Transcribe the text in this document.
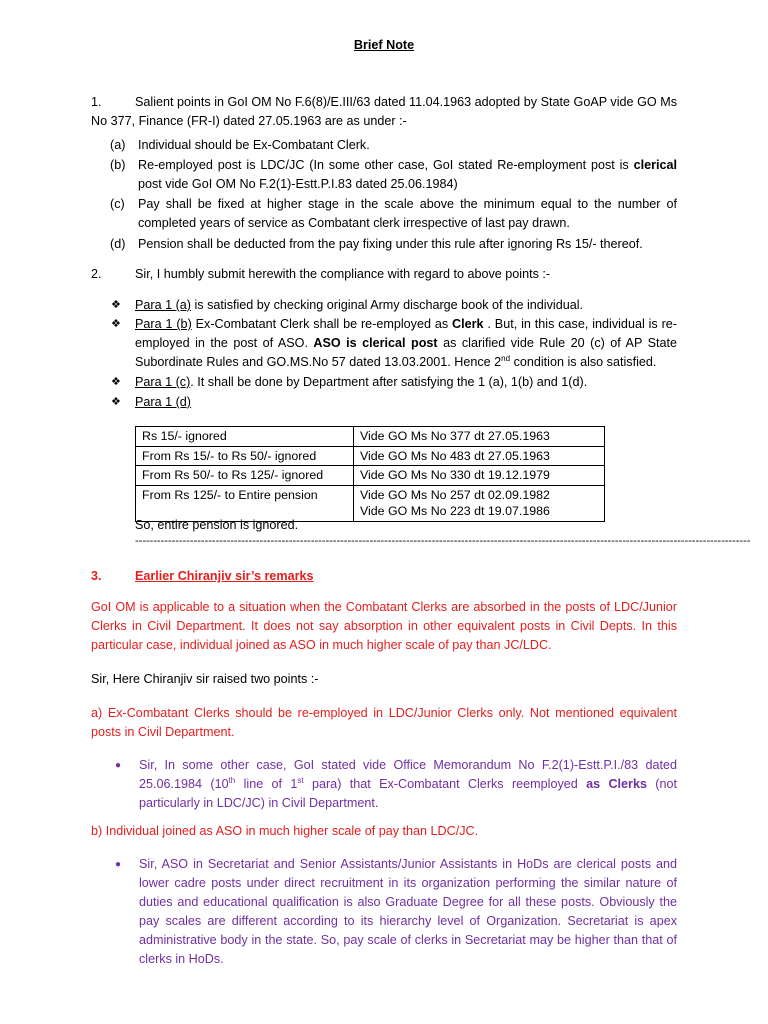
Brief Note
1.	Salient points in GoI OM No F.6(8)/E.III/63 dated 11.04.1963 adopted by State GoAP vide GO Ms No 377, Finance (FR-I) dated 27.05.1963 are as under :-
(a) Individual should be Ex-Combatant Clerk.
(b) Re-employed post is LDC/JC (In some other case, GoI stated Re-employment post is clerical post vide GoI OM No F.2(1)-Estt.P.I.83 dated 25.06.1984)
(c) Pay shall be fixed at higher stage in the scale above the minimum equal to the number of completed years of service as Combatant clerk irrespective of last pay drawn.
(d) Pension shall be deducted from the pay fixing under this rule after ignoring Rs 15/- thereof.
2.	Sir, I humbly submit herewith the compliance with regard to above points :-
❖ Para 1 (a) is satisfied by checking original Army discharge book of the individual.
❖ Para 1 (b) Ex-Combatant Clerk shall be re-employed as Clerk . But, in this case, individual is re-employed in the post of ASO. ASO is clerical post as clarified vide Rule 20 (c) of AP State Subordinate Rules and GO.MS.No 57 dated 13.03.2001. Hence 2nd condition is also satisfied.
❖ Para 1 (c). It shall be done by Department after satisfying the 1 (a), 1(b) and 1(d).
❖ Para 1 (d)
Rs 15/- ignored	Vide GO Ms No 377 dt 27.05.1963
From Rs 15/- to Rs 50/- ignored	Vide GO Ms No 483 dt 27.05.1963
From Rs 50/- to Rs 125/- ignored	Vide GO Ms No 330 dt 19.12.1979
From Rs 125/- to Entire pension	Vide GO Ms No 257 dt 02.09.1982
Vide GO Ms No 223 dt 19.07.1986
So, entire pension is ignored.
------------------------------------------------------------------------------------------------------------------------------------------------------------------------
3.	Earlier Chiranjiv sir’s remarks
GoI OM is applicable to a situation when the Combatant Clerks are absorbed in the posts of LDC/Junior Clerks in Civil Department. It does not say absorption in other equivalent posts in Civil Depts. In this particular case, individual joined as ASO in much higher scale of pay than JC/LDC.
Sir, Here Chiranjiv sir raised two points :-
a) Ex-Combatant Clerks should be re-employed in LDC/Junior Clerks only. Not mentioned equivalent posts in Civil Department.
● Sir, In some other case, GoI stated vide Office Memorandum No F.2(1)-Estt.P.I./83 dated 25.06.1984 (10th line of 1st para) that Ex-Combatant Clerks reemployed as Clerks (not particularly in LDC/JC) in Civil Department.
b) Individual joined as ASO in much higher scale of pay than LDC/JC.
● Sir, ASO in Secretariat and Senior Assistants/Junior Assistants in HoDs are clerical posts and lower cadre posts under direct recruitment in its organization performing the similar nature of duties and educational qualification is also Graduate Degree for all these posts. Obviously the pay scales are different according to its hierarchy level of Organization. Secretariat is apex administrative body in the state. So, pay scale of clerks in Secretariat may be higher than that of clerks in HoDs.
